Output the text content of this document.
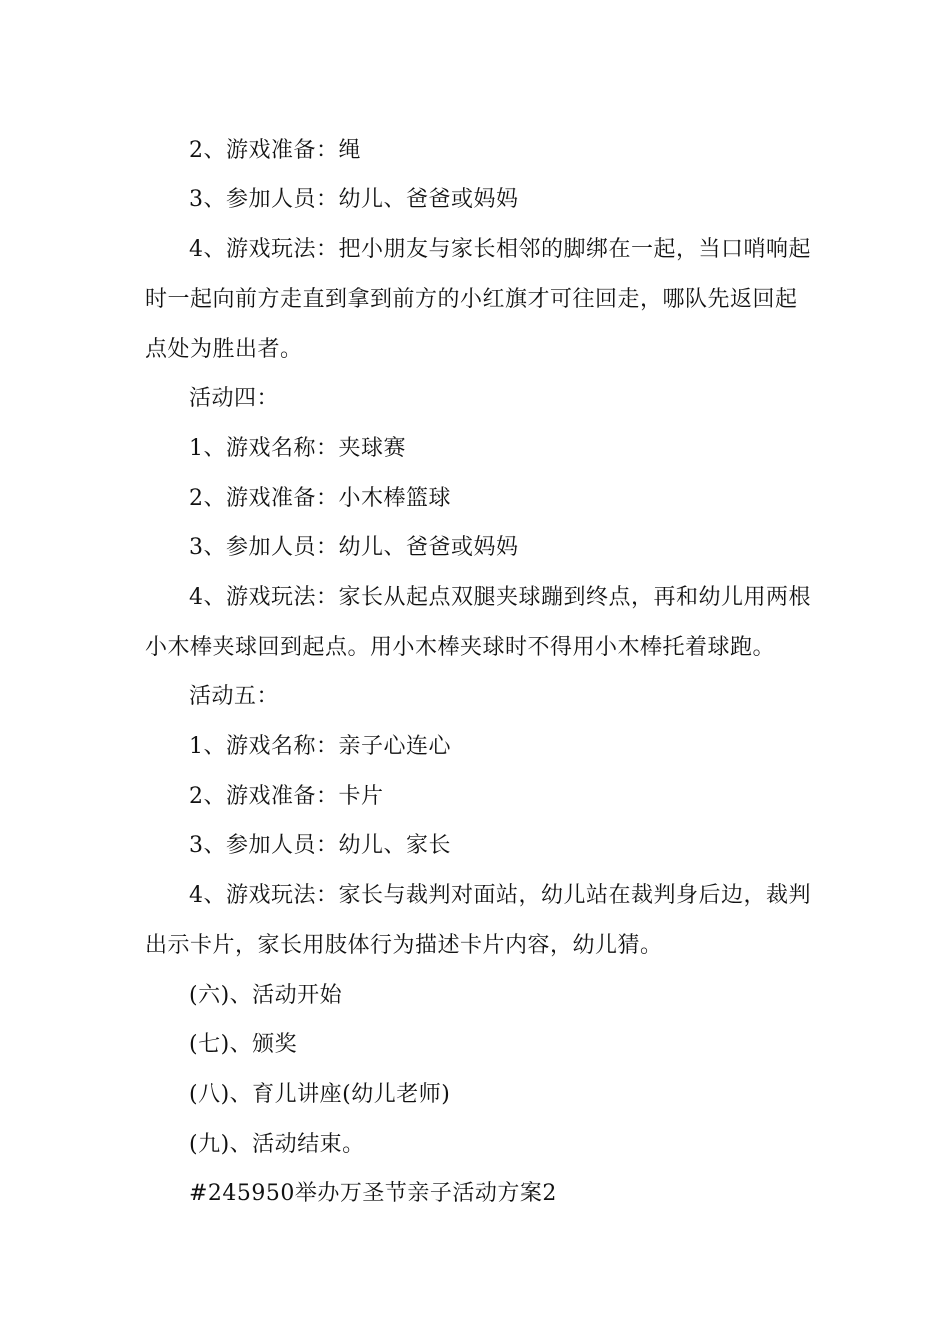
2、游戏准备：绳
3、参加人员：幼儿、爸爸或妈妈
4、游戏玩法：把小朋友与家长相邻的脚绑在一起，当口哨响起
时一起向前方走直到拿到前方的小红旗才可往回走，哪队先返回起
点处为胜出者。
活动四：
1、游戏名称：夹球赛
2、游戏准备：小木棒篮球
3、参加人员：幼儿、爸爸或妈妈
4、游戏玩法：家长从起点双腿夹球蹦到终点，再和幼儿用两根
小木棒夹球回到起点。用小木棒夹球时不得用小木棒托着球跑。
活动五：
1、游戏名称：亲子心连心
2、游戏准备：卡片
3、参加人员：幼儿、家长
4、游戏玩法：家长与裁判对面站，幼儿站在裁判身后边，裁判
出示卡片，家长用肢体行为描述卡片内容，幼儿猜。
(六)、活动开始
(七)、颁奖
(八)、育儿讲座(幼儿老师)
(九)、活动结束。
#245950举办万圣节亲子活动方案2
